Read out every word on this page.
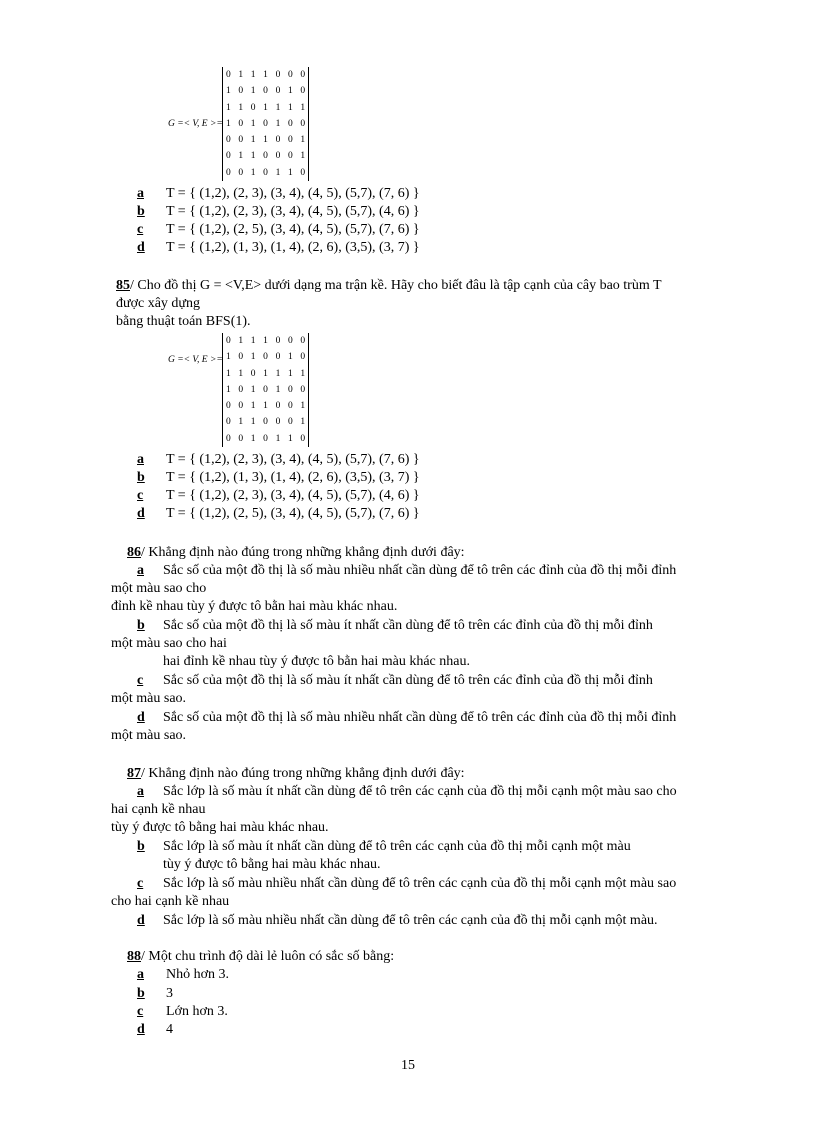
G =< V, E >=
0 1 1 1 0 0 0
1 0 1 0 0 1 0
1 1 0 1 1 1 1
1 0 1 0 1 0 0
0 0 1 1 0 0 1
0 1 1 0 0 0 1
0 0 1 0 1 1 0
a T = { (1,2), (2, 3), (3, 4), (4, 5), (5,7), (7, 6) }
b T = { (1,2), (2, 3), (3, 4), (4, 5), (5,7), (4, 6) }
c T = { (1,2), (2, 5), (3, 4), (4, 5), (5,7), (7, 6) }
d T = { (1,2), (1, 3), (1, 4), (2, 6), (3,5), (3, 7) }
85/ Cho đồ thị G = <V,E> dưới dạng ma trận kề. Hãy cho biết đâu là tập cạnh của cây bao trùm T
được xây dựng
bằng thuật toán BFS(1).
G =< V, E >=
0 1 1 1 0 0 0
1 0 1 0 0 1 0
1 1 0 1 1 1 1
1 0 1 0 1 0 0
0 0 1 1 0 0 1
0 1 1 0 0 0 1
0 0 1 0 1 1 0
a T = { (1,2), (2, 3), (3, 4), (4, 5), (5,7), (7, 6) }
b T = { (1,2), (1, 3), (1, 4), (2, 6), (3,5), (3, 7) }
c T = { (1,2), (2, 3), (3, 4), (4, 5), (5,7), (4, 6) }
d T = { (1,2), (2, 5), (3, 4), (4, 5), (5,7), (7, 6) }
86/ Khẳng định nào đúng trong những khẳng định dưới đây:
a Sắc số của một đồ thị là số màu nhiều nhất cần dùng để tô trên các đỉnh của đồ thị mỗi đỉnh
một màu sao cho
đỉnh kề nhau tùy ý được tô bằn hai màu khác nhau.
b Sắc số của một đồ thị là số màu ít nhất cần dùng để tô trên các đỉnh của đồ thị mỗi đỉnh
một màu sao cho hai
hai đỉnh kề nhau tùy ý được tô bằn hai màu khác nhau.
c Sắc số của một đồ thị là số màu ít nhất cần dùng để tô trên các đỉnh của đồ thị mỗi đỉnh
một màu sao.
d Sắc số của một đồ thị là số màu nhiều nhất cần dùng để tô trên các đỉnh của đồ thị mỗi đỉnh
một màu sao.
87/ Khẳng định nào đúng trong những khẳng định dưới đây:
a Sắc lớp là số màu ít nhất cần dùng để tô trên các cạnh của đồ thị mỗi cạnh một màu sao cho
hai cạnh kề nhau
tùy ý được tô bằng hai màu khác nhau.
b Sắc lớp là số màu ít nhất cần dùng để tô trên các cạnh của đồ thị mỗi cạnh một màu
tùy ý được tô bằng hai màu khác nhau.
c Sắc lớp là số màu nhiều nhất cần dùng để tô trên các cạnh của đồ thị mỗi cạnh một màu sao
cho hai cạnh kề nhau
d Sắc lớp là số màu nhiều nhất cần dùng để tô trên các cạnh của đồ thị mỗi cạnh một màu.
88/ Một chu trình độ dài lẻ luôn có sắc số bằng:
a Nhỏ hơn 3.
b 3
c Lớn hơn 3.
d 4
15
